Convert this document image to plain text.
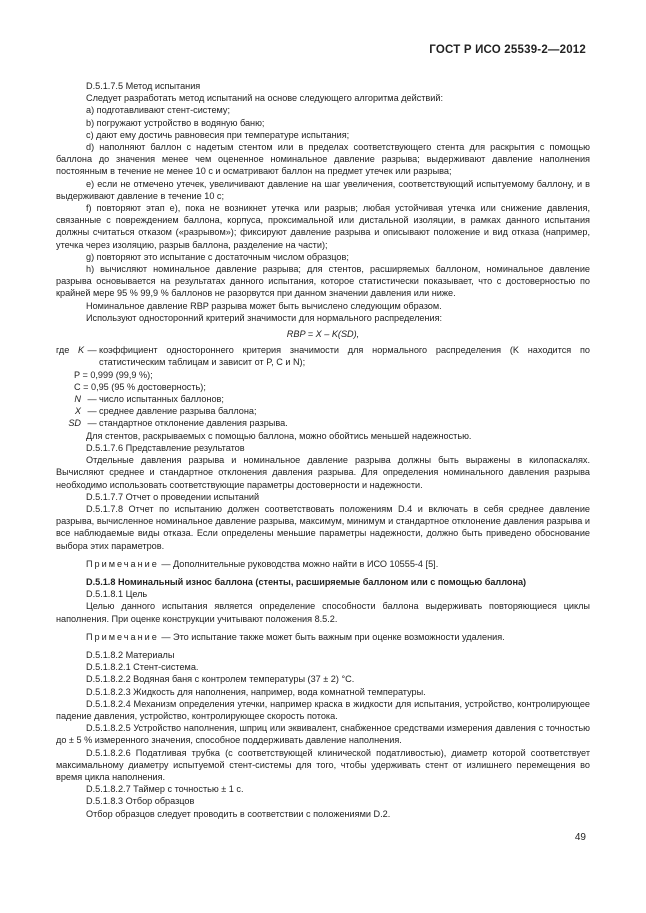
ГОСТ Р ИСО 25539-2—2012

D.5.1.7.5 Метод испытания

Следует разработать метод испытаний на основе следующего алгоритма действий:

a) подготавливают стент-систему;

b) погружают устройство в водяную баню;

c) дают ему достичь равновесия при температуре испытания;

d) наполняют баллон с надетым стентом или в пределах соответствующего стента для раскрытия с помощью баллона до значения менее чем оцененное номинальное давление разрыва; выдерживают давление наполнения постоянным в течение не менее 10 с и осматривают баллон на предмет утечек или разрыва;

e) если не отмечено утечек, увеличивают давление на шаг увеличения, соответствующий испытуемому баллону, и в выдерживают давление в течение 10 с;

f) повторяют этап e), пока не возникнет утечка или разрыв; любая устойчивая утечка или снижение давления, связанные с повреждением баллона, корпуса, проксимальной или дистальной изоляции, в рамках данного испытания должны считаться отказом («разрывом»); фиксируют давление разрыва и описывают положение и вид отказа (например, утечка через изоляцию, разрыв баллона, разделение на части);

g) повторяют это испытание с достаточным числом образцов;

h) вычисляют номинальное давление разрыва; для стентов, расширяемых баллоном, номинальное давление разрыва основывается на результатах данного испытания, которое статистически показывает, что с достоверностью по крайней мере 95 % 99,9 % баллонов не разорвутся при данном значении давления или ниже.

Номинальное давление RBP разрыва может быть вычислено следующим образом.

Используют односторонний критерий значимости для нормального распределения:

RBP = X – K(SD),

где K — коэффициент одностороннего критерия значимости для нормального распределения (K находится по статистическим таблицам и зависит от P, C и N);

P = 0,999 (99,9 %);

C = 0,95 (95 % достоверность);

N — число испытанных баллонов;
X — среднее давление разрыва баллона;
SD — стандартное отклонение давления разрыва.

Для стентов, раскрываемых с помощью баллона, можно обойтись меньшей надежностью.

D.5.1.7.6 Представление результатов

Отдельные давления разрыва и номинальное давление разрыва должны быть выражены в килопаскалях. Вычисляют среднее и стандартное отклонения давления разрыва. Для определения номинального давления разрыва необходимо использовать соответствующие параметры достоверности и надежности.

D.5.1.7.7 Отчет о проведении испытаний

D.5.1.7.8 Отчет по испытанию должен соответствовать положениям D.4 и включать в себя среднее давление разрыва, вычисленное номинальное давление разрыва, максимум, минимум и стандартное отклонение давления разрыва и все наблюдаемые виды отказа. Если определены меньшие параметры надежности, должно быть приведено обоснование выбора этих параметров.

Примечание — Дополнительные руководства можно найти в ИСО 10555-4 [5].

D.5.1.8 Номинальный износ баллона (стенты, расширяемые баллоном или с помощью баллона)

D.5.1.8.1 Цель

Целью данного испытания является определение способности баллона выдерживать повторяющиеся циклы наполнения. При оценке конструкции учитывают положения 8.5.2.

Примечание — Это испытание также может быть важным при оценке возможности удаления.

D.5.1.8.2 Материалы

D.5.1.8.2.1 Стент-система.

D.5.1.8.2.2 Водяная баня с контролем температуры (37 ± 2) °С.

D.5.1.8.2.3 Жидкость для наполнения, например, вода комнатной температуры.

D.5.1.8.2.4 Механизм определения утечки, например краска в жидкости для испытания, устройство, контролирующее падение давления, устройство, контролирующее скорость потока.

D.5.1.8.2.5 Устройство наполнения, шприц или эквивалент, снабженное средствами измерения давления с точностью до ± 5 % измеренного значения, способное поддерживать давление наполнения.

D.5.1.8.2.6 Податливая трубка (с соответствующей клинической податливостью), диаметр которой соответствует максимальному диаметру испытуемой стент-системы для того, чтобы удерживать стент от излишнего перемещения во время цикла наполнения.

D.5.1.8.2.7 Таймер с точностью ± 1 с.

D.5.1.8.3 Отбор образцов

Отбор образцов следует проводить в соответствии с положениями D.2.

49
